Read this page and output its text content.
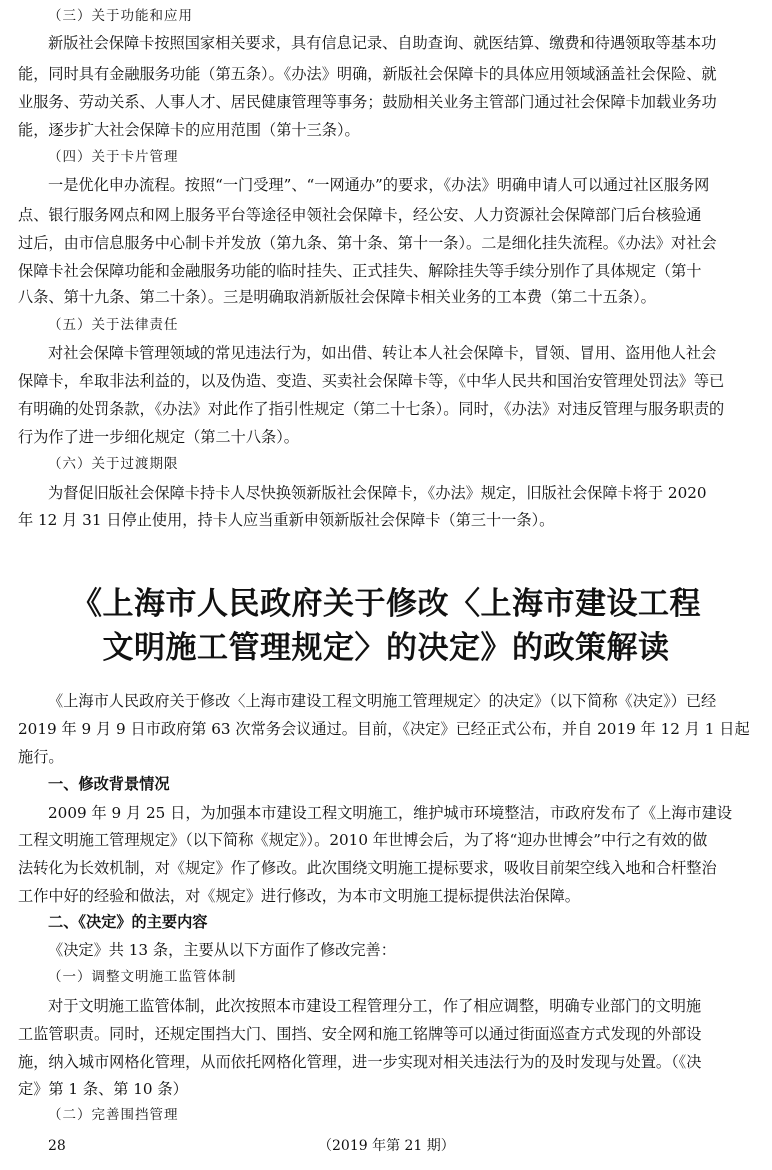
（三）关于功能和应用
新版社会保障卡按照国家相关要求，具有信息记录、自助查询、就医结算、缴费和待遇领取等基本功
能，同时具有金融服务功能（第五条）。《办法》明确，新版社会保障卡的具体应用领域涵盖社会保险、就
业服务、劳动关系、人事人才、居民健康管理等事务；鼓励相关业务主管部门通过社会保障卡加载业务功
能，逐步扩大社会保障卡的应用范围（第十三条）。
（四）关于卡片管理
一是优化申办流程。按照“一门受理”、“一网通办”的要求，《办法》明确申请人可以通过社区服务网
点、银行服务网点和网上服务平台等途径申领社会保障卡，经公安、人力资源社会保障部门后台核验通
过后，由市信息服务中心制卡并发放（第九条、第十条、第十一条）。二是细化挂失流程。《办法》对社会
保障卡社会保障功能和金融服务功能的临时挂失、正式挂失、解除挂失等手续分别作了具体规定（第十
八条、第十九条、第二十条）。三是明确取消新版社会保障卡相关业务的工本费（第二十五条）。
（五）关于法律责任
对社会保障卡管理领域的常见违法行为，如出借、转让本人社会保障卡，冒领、冒用、盗用他人社会
保障卡，牟取非法利益的，以及伪造、变造、买卖社会保障卡等，《中华人民共和国治安管理处罚法》等已
有明确的处罚条款，《办法》对此作了指引性规定（第二十七条）。同时，《办法》对违反管理与服务职责的
行为作了进一步细化规定（第二十八条）。
（六）关于过渡期限
为督促旧版社会保障卡持卡人尽快换领新版社会保障卡，《办法》规定，旧版社会保障卡将于 2020
年 12 月 31 日停止使用，持卡人应当重新申领新版社会保障卡（第三十一条）。
《上海市人民政府关于修改〈上海市建设工程
文明施工管理规定〉的决定》的政策解读
《上海市人民政府关于修改〈上海市建设工程文明施工管理规定〉的决定》（以下简称《决定》）已经
2019 年 9 月 9 日市政府第 63 次常务会议通过。目前，《决定》已经正式公布，并自 2019 年 12 月 1 日起
施行。
一、修改背景情况
2009 年 9 月 25 日，为加强本市建设工程文明施工，维护城市环境整洁，市政府发布了《上海市建设
工程文明施工管理规定》（以下简称《规定》）。2010 年世博会后，为了将“迎办世博会”中行之有效的做
法转化为长效机制，对《规定》作了修改。此次围绕文明施工提标要求，吸收目前架空线入地和合杆整治
工作中好的经验和做法，对《规定》进行修改，为本市文明施工提标提供法治保障。
二、《决定》的主要内容
《决定》共 13 条，主要从以下方面作了修改完善：
（一）调整文明施工监管体制
对于文明施工监管体制，此次按照本市建设工程管理分工，作了相应调整，明确专业部门的文明施
工监管职责。同时，还规定围挡大门、围挡、安全网和施工铭牌等可以通过街面巡查方式发现的外部设
施，纳入城市网格化管理，从而依托网格化管理，进一步实现对相关违法行为的及时发现与处置。（《决
定》第 1 条、第 10 条）
（二）完善围挡管理
28	（2019 年第 21 期）
